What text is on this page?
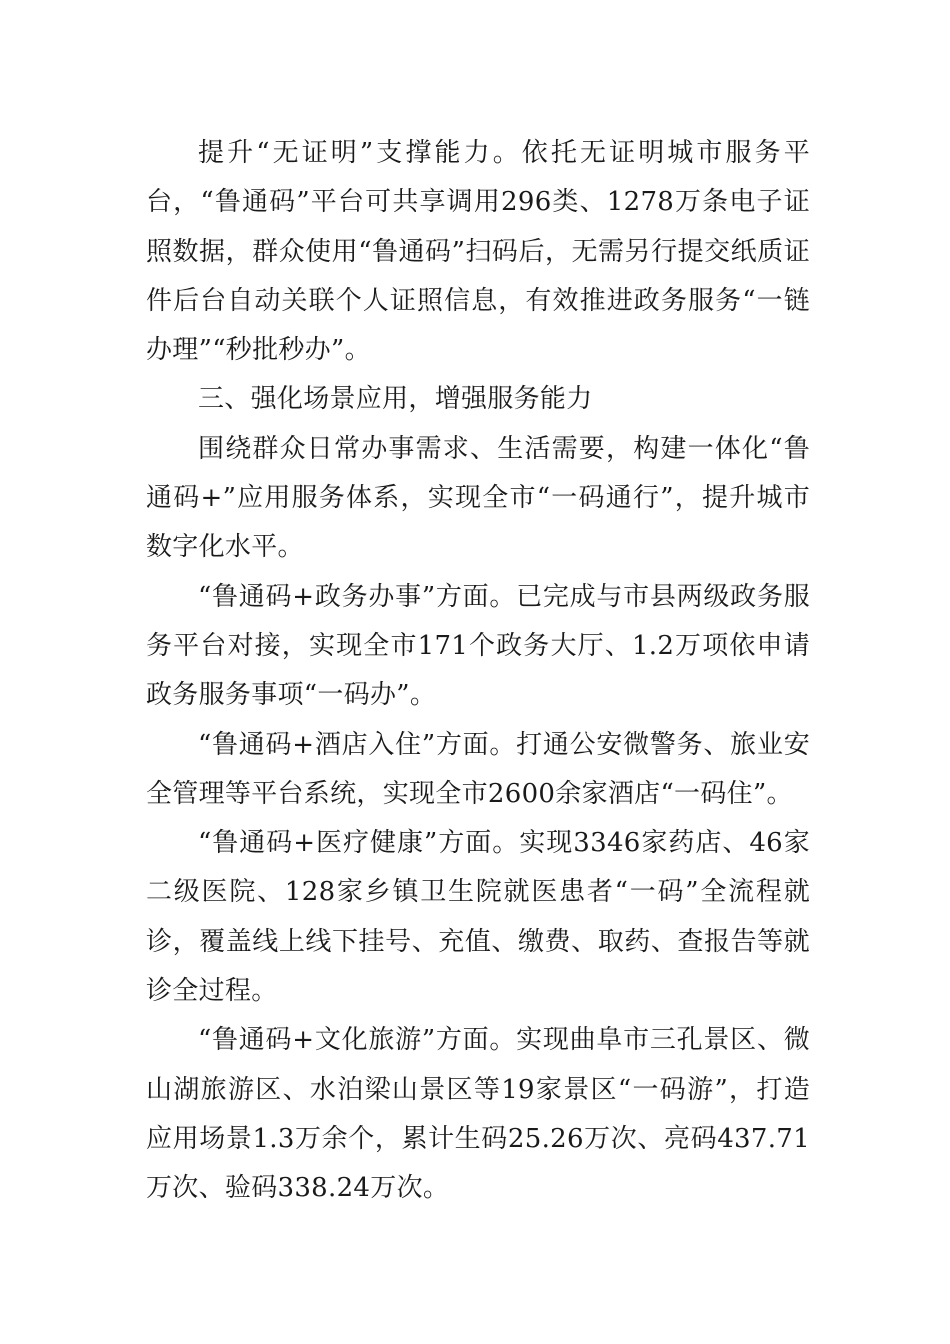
提升“无证明”支撑能力。依托无证明城市服务平台，“鲁通码”平台可共享调用296类、1278万条电子证照数据，群众使用“鲁通码”扫码后，无需另行提交纸质证件后台自动关联个人证照信息，有效推进政务服务“一链办理”“秒批秒办”。

三、强化场景应用，增强服务能力

围绕群众日常办事需求、生活需要，构建一体化“鲁通码+”应用服务体系，实现全市“一码通行”，提升城市数字化水平。

“鲁通码+政务办事”方面。已完成与市县两级政务服务平台对接，实现全市171个政务大厅、1.2万项依申请政务服务事项“一码办”。

“鲁通码+酒店入住”方面。打通公安微警务、旅业安全管理等平台系统，实现全市2600余家酒店“一码住”。

“鲁通码+医疗健康”方面。实现3346家药店、46家二级医院、128家乡镇卫生院就医患者“一码”全流程就诊，覆盖线上线下挂号、充值、缴费、取药、查报告等就诊全过程。

“鲁通码+文化旅游”方面。实现曲阜市三孔景区、微山湖旅游区、水泊梁山景区等19家景区“一码游”，打造应用场景1.3万余个，累计生码25.26万次、亮码437.71万次、验码338.24万次。
